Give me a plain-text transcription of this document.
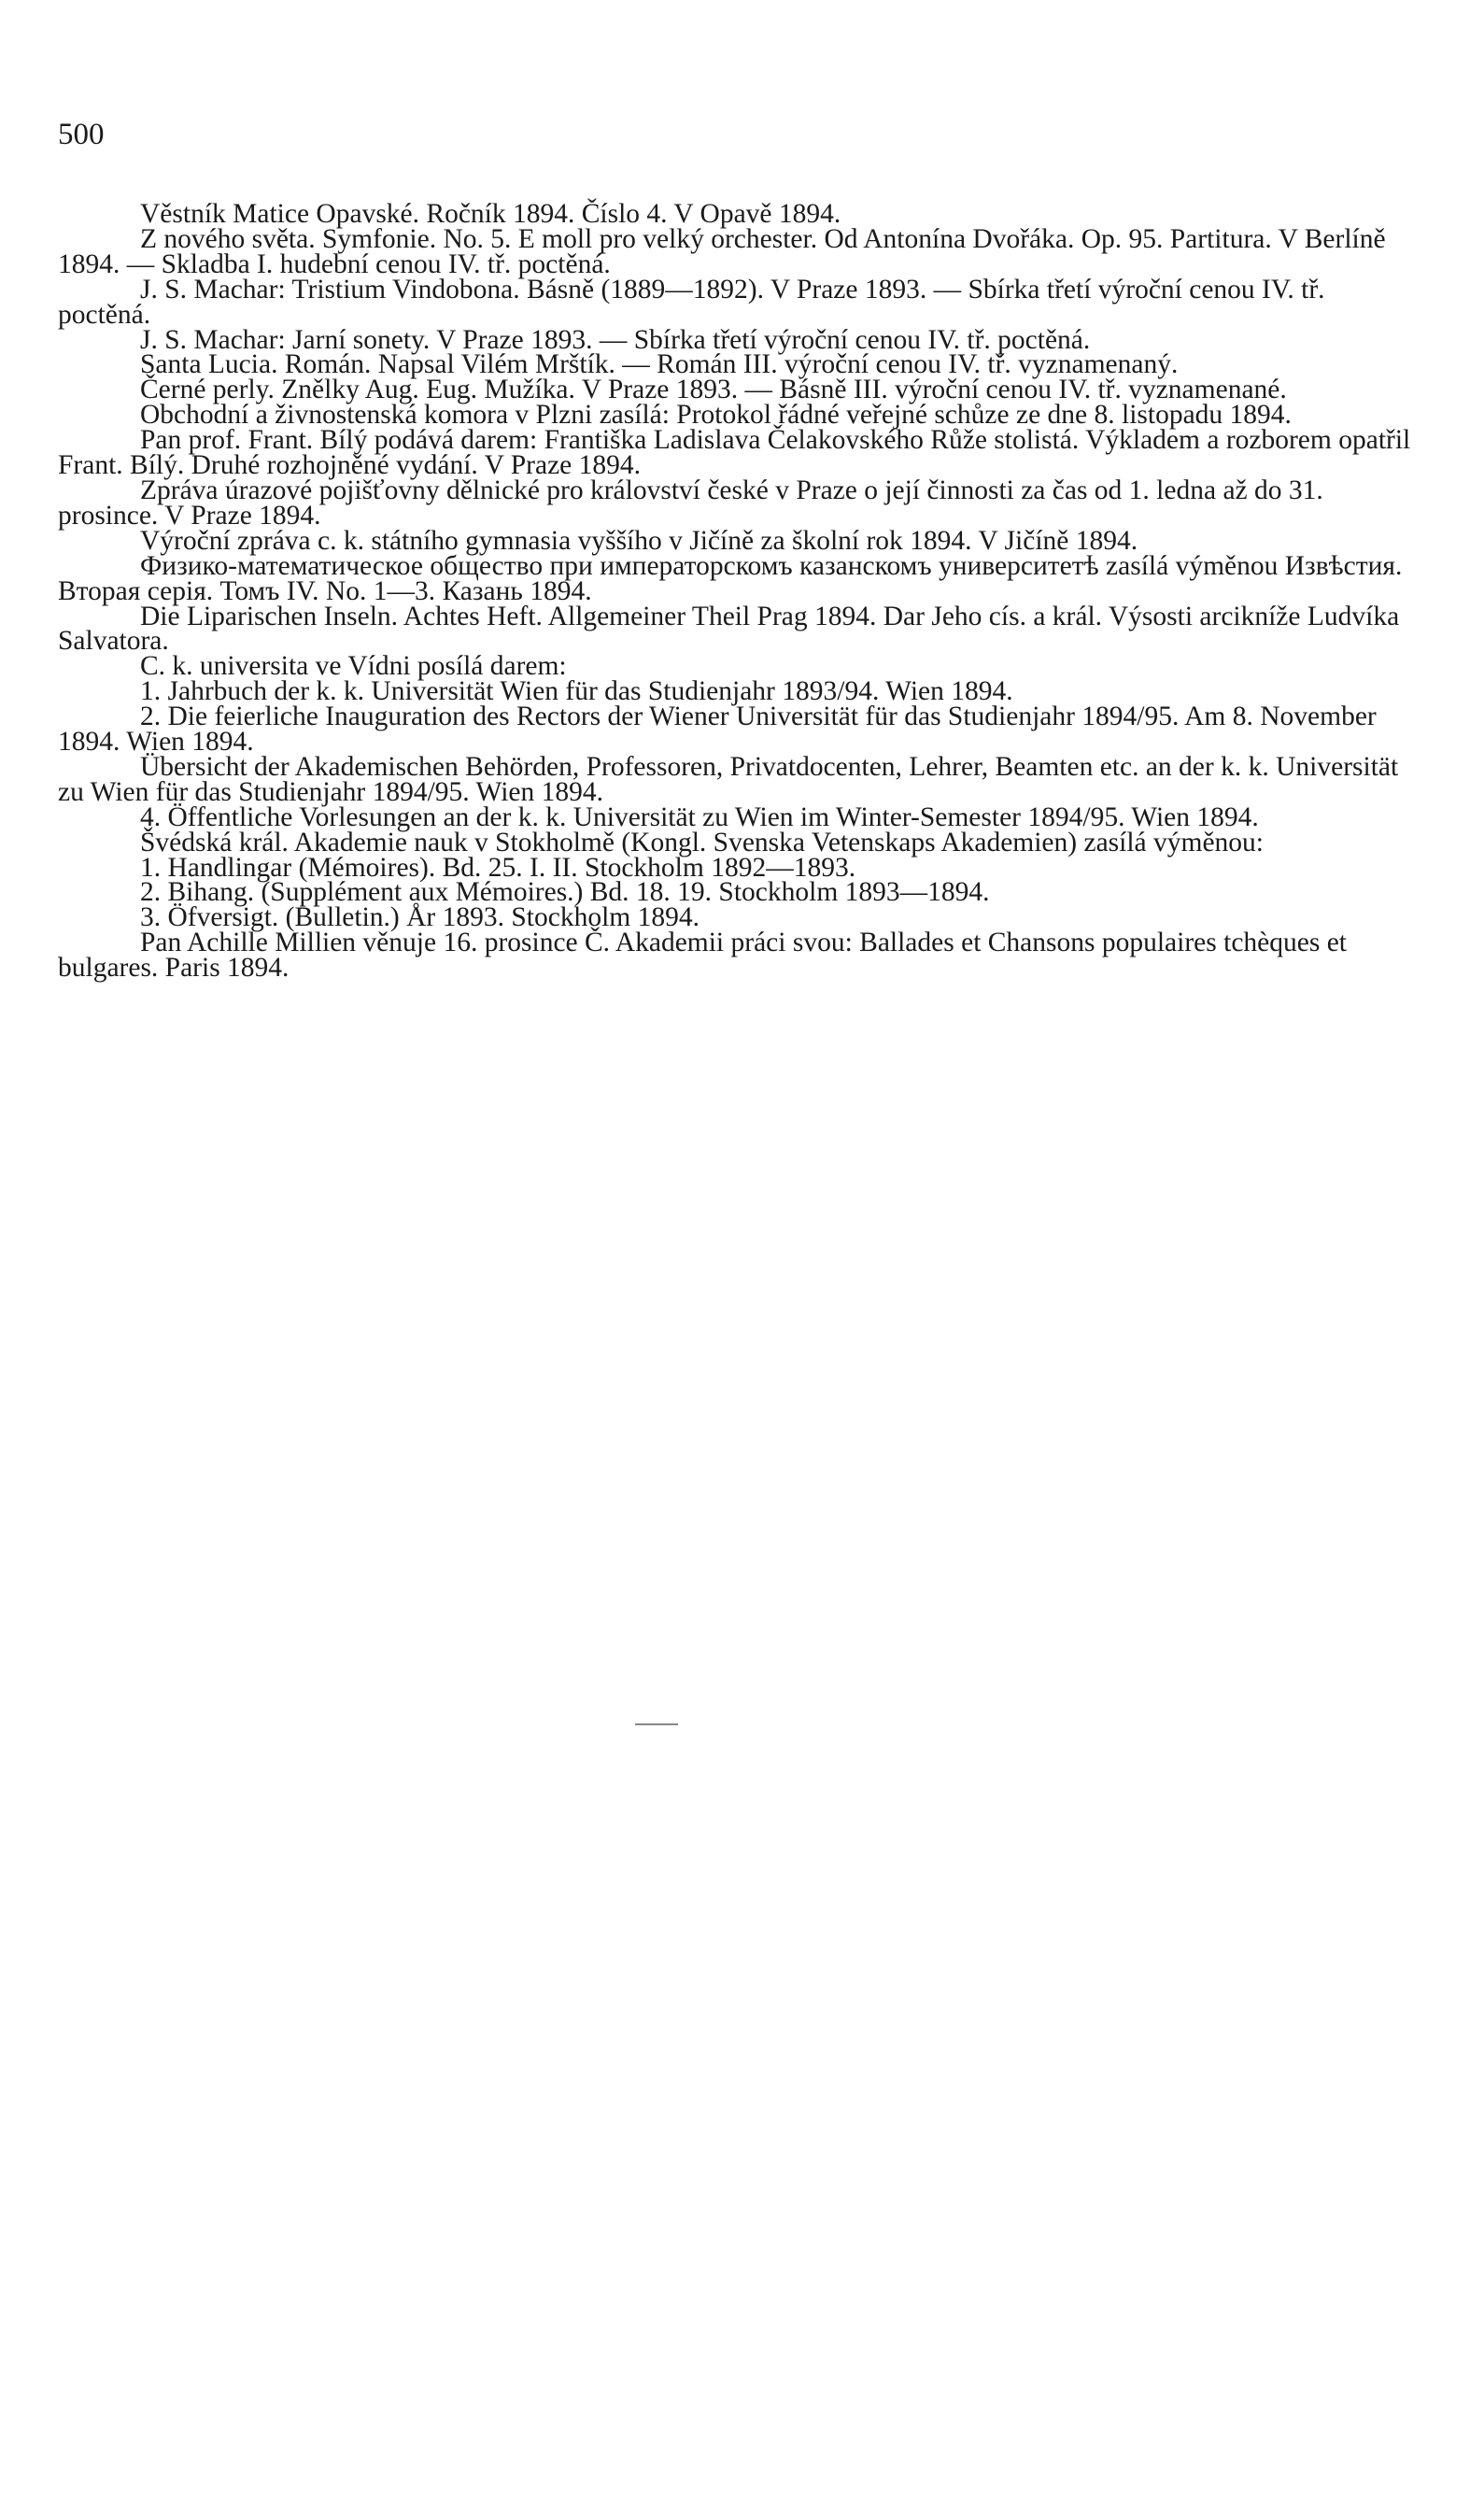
500

Věstník Matice Opavské. Ročník 1894. Číslo 4. V Opavě 1894.

Z nového světa. Symfonie. No. 5. E moll pro velký orchester. Od Antonína Dvořáka. Op. 95. Partitura. V Berlíně 1894. — Skladba I. hudební cenou IV. tř. poctěná.

J. S. Machar: Tristium Vindobona. Básně (1889—1892). V Praze 1893. — Sbírka třetí výroční cenou IV. tř. poctěná.

J. S. Machar: Jarní sonety. V Praze 1893. — Sbírka třetí výroční cenou IV. tř. poctěná.

Santa Lucia. Román. Napsal Vilém Mrštík. — Román III. výroční cenou IV. tř. vyznamenaný.

Černé perly. Znělky Aug. Eug. Mužíka. V Praze 1893. — Básně III. výroční cenou IV. tř. vyznamenané.

Obchodní a živnostenská komora v Plzni zasílá: Protokol řádné veřejné schůze ze dne 8. listopadu 1894.

Pan prof. Frant. Bílý podává darem: Františka Ladislava Čelakovského Růže stolistá. Výkladem a rozborem opatřil Frant. Bílý. Druhé rozhojněné vydání. V Praze 1894.

Zpráva úrazové pojišťovny dělnické pro království české v Praze o její činnosti za čas od 1. ledna až do 31. prosince. V Praze 1894.

Výroční zpráva c. k. státního gymnasia vyššího v Jičíně za školní rok 1894. V Jičíně 1894.

Физико-математическое общество при императорскомъ казанскомъ университетѣ zasílá výměnou Извѣстия. Вторая серія. Томъ IV. No. 1—3. Казань 1894.

Die Liparischen Inseln. Achtes Heft. Allgemeiner Theil Prag 1894. Dar Jeho cís. a král. Výsosti arcikníže Ludvíka Salvatora.

C. k. universita ve Vídni posílá darem:

1. Jahrbuch der k. k. Universität Wien für das Studienjahr 1893/94. Wien 1894.

2. Die feierliche Inauguration des Rectors der Wiener Universität für das Studienjahr 1894/95. Am 8. November 1894. Wien 1894.

Übersicht der Akademischen Behörden, Professoren, Privatdocenten, Lehrer, Beamten etc. an der k. k. Universität zu Wien für das Studienjahr 1894/95. Wien 1894.

4. Öffentliche Vorlesungen an der k. k. Universität zu Wien im Winter-Semester 1894/95. Wien 1894.

Švédská král. Akademie nauk v Stokholmě (Kongl. Svenska Vetenskaps Akademien) zasílá výměnou:

1. Handlingar (Mémoires). Bd. 25. I. II. Stockholm 1892—1893.

2. Bihang. (Supplément aux Mémoires.) Bd. 18. 19. Stockholm 1893—1894.

3. Öfversigt. (Bulletin.) År 1893. Stockholm 1894.

Pan Achille Millien věnuje 16. prosince Č. Akademii práci svou: Ballades et Chansons populaires tchèques et bulgares. Paris 1894.
